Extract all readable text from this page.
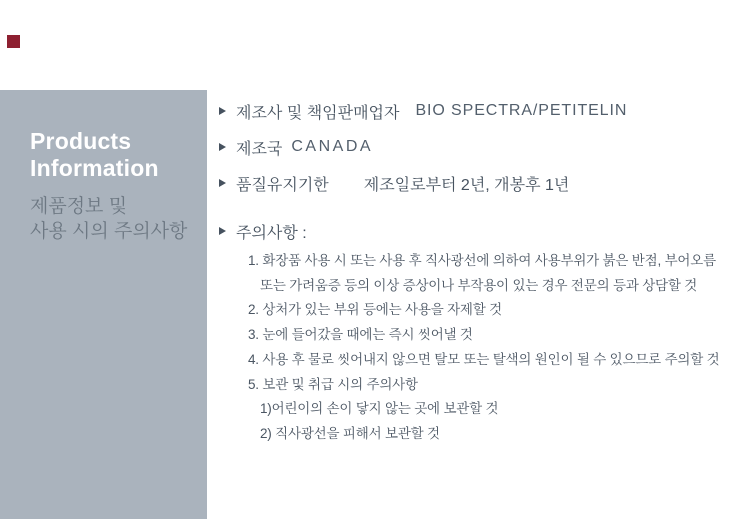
Products
Information
제품정보 및
사용 시의 주의사항
제조사 및 책임판매업자 BIO SPECTRA/PETITELIN
제조국 CANADA
품질유지기한 제조일로부터 2년, 개봉후 1년
주의사항 :
1. 화장품 사용 시 또는 사용 후 직사광선에 의하여 사용부위가 붉은 반점, 부어오름
또는 가려움증 등의 이상 증상이나 부작용이 있는 경우 전문의 등과 상담할 것
2. 상처가 있는 부위 등에는 사용을 자제할 것
3. 눈에 들어갔을 때에는 즉시 씻어낼 것
4. 사용 후 물로 씻어내지 않으면 탈모 또는 탈색의 원인이 될 수 있으므로 주의할 것
5. 보관 및 취급 시의 주의사항
1)어린이의 손이 닿지 않는 곳에 보관할 것
2) 직사광선을 피해서 보관할 것
